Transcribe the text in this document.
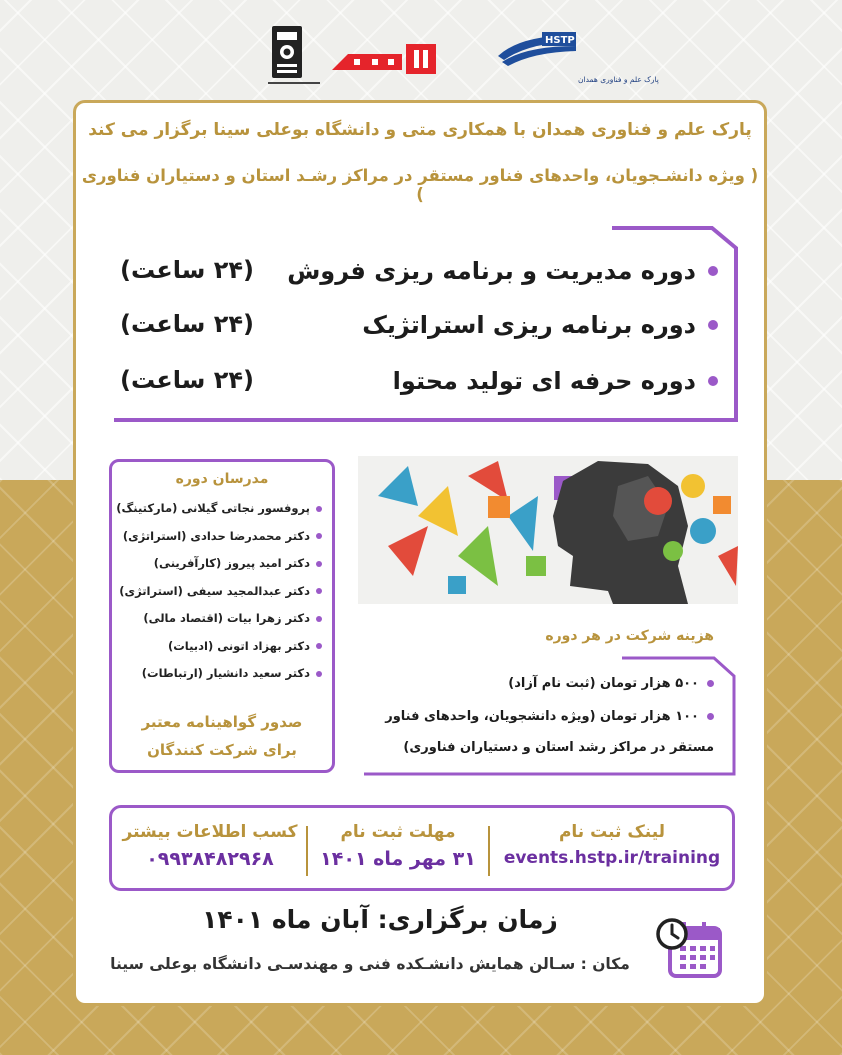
HSTP
پارک علم و فناوری همدان
پارک علم و فناوری همدان با همکاری متی و دانشگاه بوعلی سینا برگزار می کند
( ویژه دانشـجویان، واحدهای فناور مستقر در مراکز رشـد استان و دستیاران فناوری )
دوره مدیریت و برنامه ریزی فروش
(۲۴ ساعت)
دوره برنامه ریزی استراتژیک
(۲۴ ساعت)
دوره حرفه ای تولید محتوا
(۲۴ ساعت)
مدرسان دوره
پروفسور نجاتی گیلانی (مارکتینگ)
دکتر محمدرضا حدادی (استراتژی)
دکتر امید پیروز (کارآفرینی)
دکتر عبدالمجید سیفی (استراتژی)
دکتر زهرا بیات (اقتصاد مالی)
دکتر بهزاد اتونی (ادبیات)
دکتر سعید دانشیار (ارتباطات)
صدور گواهینامه معتبر
برای شرکت کنندگان
هزینه شرکت در هر دوره
۵۰۰ هزار تومان (ثبت نام آزاد)
۱۰۰ هزار تومان (ویژه دانشجویان، واحدهای فناور
مستقر در مراکز رشد استان و دستیاران فناوری)
لینک ثبت نام
events.hstp.ir/training
مهلت ثبت نام
۳۱ مهر ماه ۱۴۰۱
کسب اطلاعات بیشتر
۰۹۹۳۸۴۸۲۹۶۸
زمان برگزاری: آبان ماه ۱۴۰۱
مکان : سـالن همایش دانشـکده فنی و مهندسـی دانشگاه بوعلی سینا
